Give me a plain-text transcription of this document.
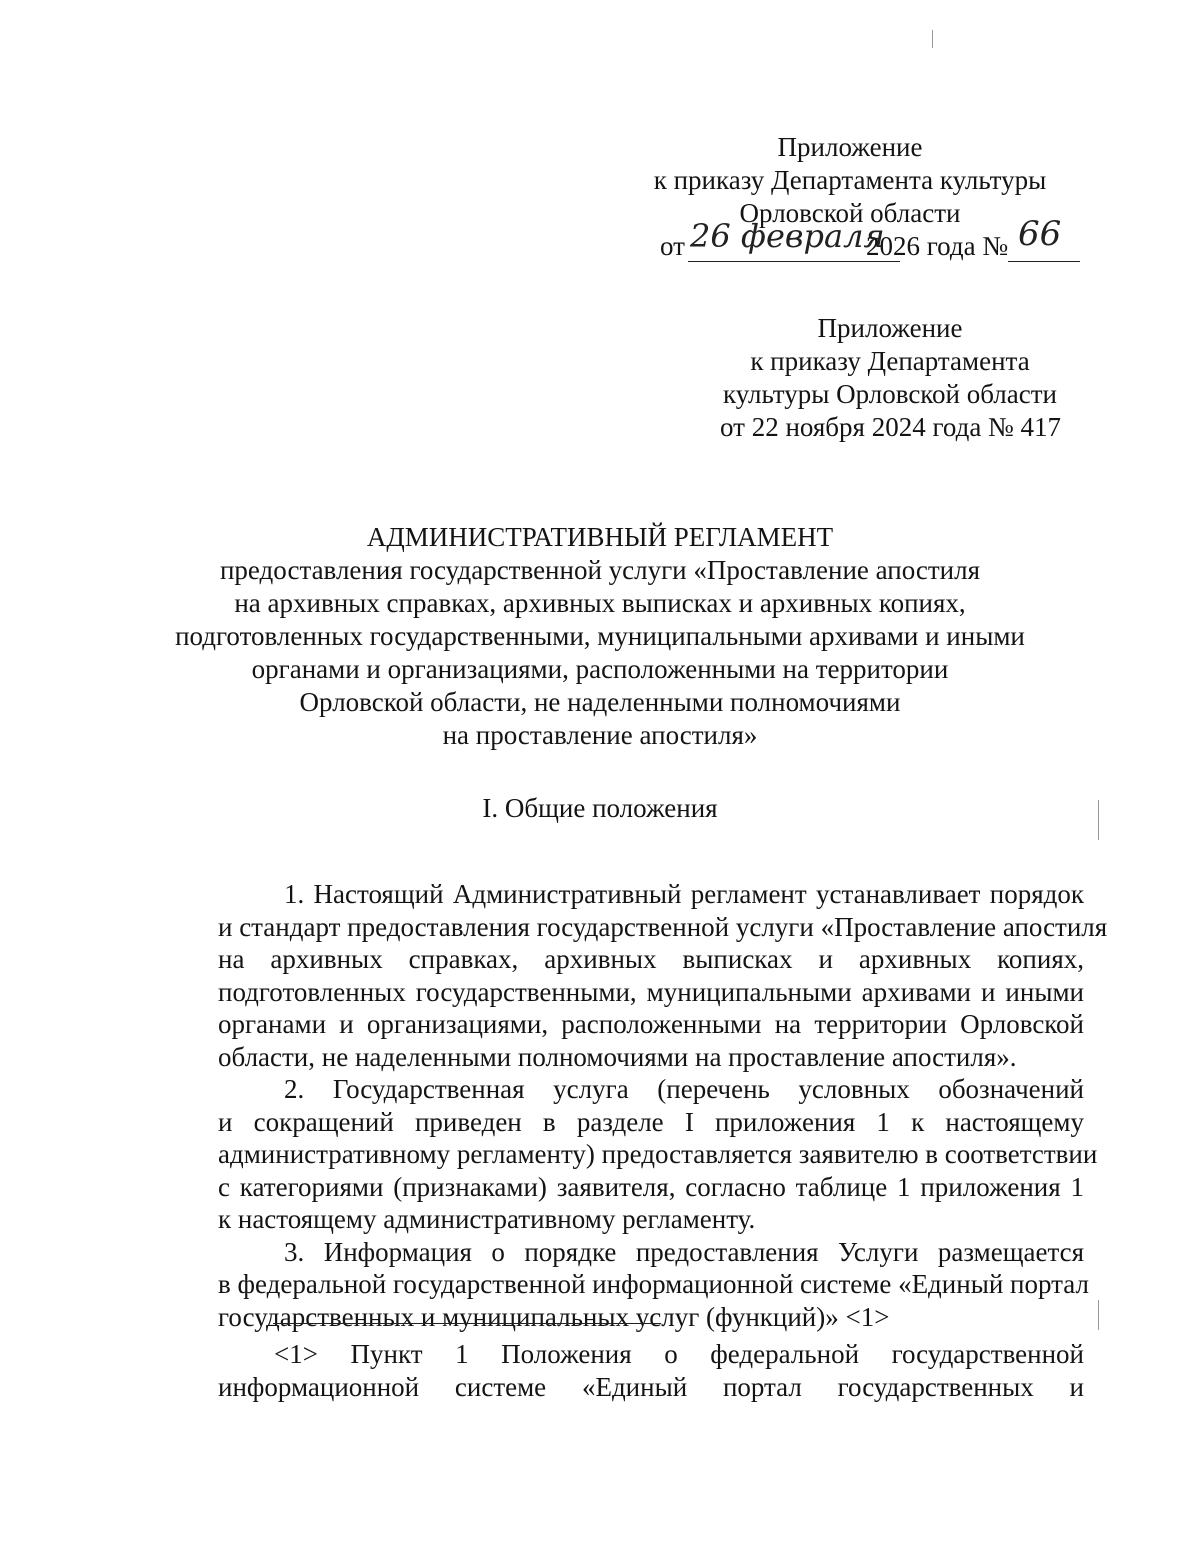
Приложение
к приказу Департамента культуры
Орловской области
от 26 февраля
2026 года № 66
Приложение
к приказу Департамента
культуры Орловской области
от 22 ноября 2024 года № 417
АДМИНИСТРАТИВНЫЙ РЕГЛАМЕНТ
предоставления государственной услуги «Проставление апостиля
на архивных справках, архивных выписках и архивных копиях,
подготовленных государственными, муниципальными архивами и иными
органами и организациями, расположенными на территории
Орловской области, не наделенными полномочиями
на проставление апостиля»
I. Общие положения
1. Настоящий Административный регламент устанавливает порядок
и стандарт предоставления государственной услуги «Проставление апостиля
на архивных справках, архивных выписках и архивных копиях,
подготовленных государственными, муниципальными архивами и иными
органами и организациями, расположенными на территории Орловской
области, не наделенными полномочиями на проставление апостиля».
2. Государственная услуга (перечень условных обозначений
и сокращений приведен в разделе I приложения 1 к настоящему
административному регламенту) предоставляется заявителю в соответствии
с категориями (признаками) заявителя, согласно таблице 1 приложения 1
к настоящему административному регламенту.
3. Информация о порядке предоставления Услуги размещается
в федеральной государственной информационной системе «Единый портал
государственных и муниципальных услуг (функций)» <1>
<1> Пункт 1 Положения о федеральной государственной
информационной системе «Единый портал государственных и
